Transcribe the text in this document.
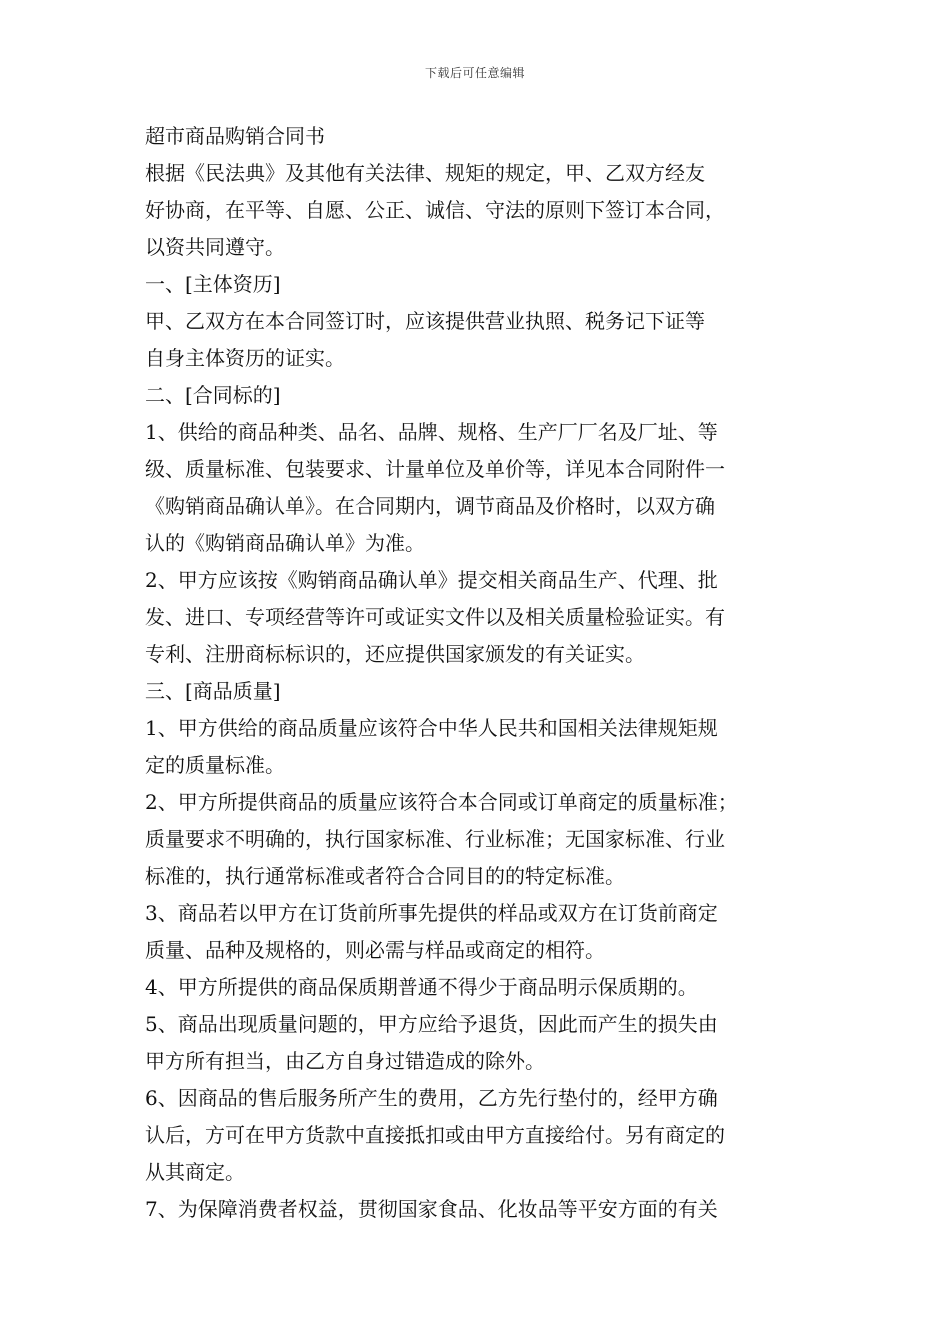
下载后可任意编辑
超市商品购销合同书
根据《民法典》及其他有关法律、规矩的规定，甲、乙双方经友
好协商，在平等、自愿、公正、诚信、守法的原则下签订本合同，
以资共同遵守。
一、[主体资历]
甲、乙双方在本合同签订时，应该提供营业执照、税务记下证等
自身主体资历的证实。
二、[合同标的]
1、供给的商品种类、品名、品牌、规格、生产厂厂名及厂址、等
级、质量标准、包装要求、计量单位及单价等，详见本合同附件一
《购销商品确认单》。在合同期内，调节商品及价格时，以双方确
认的《购销商品确认单》为准。
2、甲方应该按《购销商品确认单》提交相关商品生产、代理、批
发、进口、专项经营等许可或证实文件以及相关质量检验证实。有
专利、注册商标标识的，还应提供国家颁发的有关证实。
三、[商品质量]
1、甲方供给的商品质量应该符合中华人民共和国相关法律规矩规
定的质量标准。
2、甲方所提供商品的质量应该符合本合同或订单商定的质量标准；
质量要求不明确的，执行国家标准、行业标准；无国家标准、行业
标准的，执行通常标准或者符合合同目的的特定标准。
3、商品若以甲方在订货前所事先提供的样品或双方在订货前商定
质量、品种及规格的，则必需与样品或商定的相符。
4、甲方所提供的商品保质期普通不得少于商品明示保质期的。
5、商品出现质量问题的，甲方应给予退货，因此而产生的损失由
甲方所有担当，由乙方自身过错造成的除外。
6、因商品的售后服务所产生的费用，乙方先行垫付的，经甲方确
认后，方可在甲方货款中直接抵扣或由甲方直接给付。另有商定的
从其商定。
7、为保障消费者权益，贯彻国家食品、化妆品等平安方面的有关
